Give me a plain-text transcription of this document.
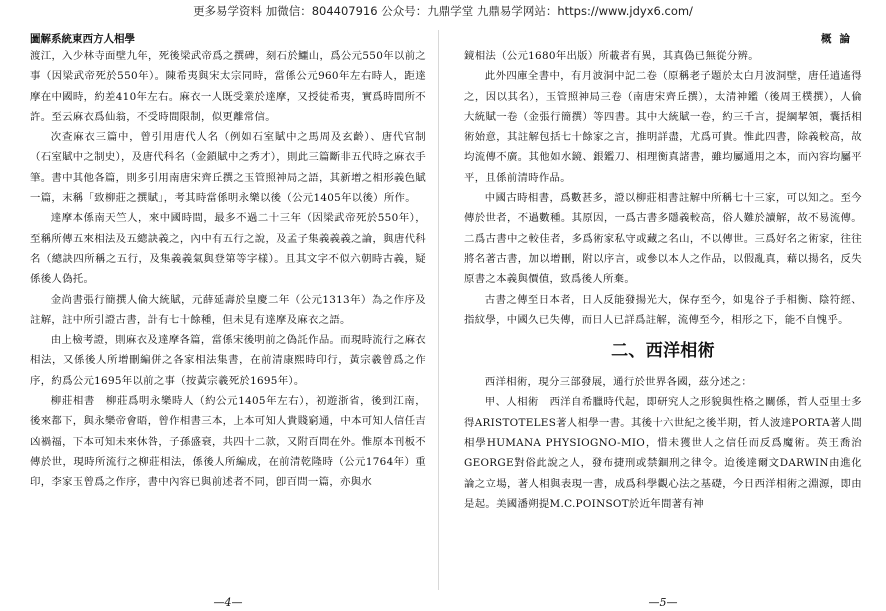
更多易学资料 加微信：804407916 公众号：九鼎学堂 九鼎易学网站：https://www.jdyx6.com/
圖解系統東西方人相學

渡江，入少林寺面壁九年，死後梁武帝爲之撰碑，刻石於鱷山，爲公元550年以前之事（因梁武帝死於550年）。陳希夷與宋太宗同時，當係公元960年左右時人，距達摩在中國時，約差410年左右。麻衣一人既受業於達摩，又授徒希夷，實爲時間所不許。至云麻衣爲仙翁，不受時間限制，似更離常信。

次查麻衣三篇中，曾引用唐代人名（例如石室賦中之馬周及玄齡）、唐代官制（石室賦中之制史），及唐代科名（金鎖賦中之秀才），則此三篇斷非五代時之麻衣手筆。書中其他各篇，則多引用南唐宋齊丘撰之玉管照神局之語，其新增之相形義色賦一篇，末稱「致柳莊之撰賦」，考其時當係明永樂以後（公元1405年以後）所作。

達摩本係南天竺人，來中國時間，最多不過二十三年（因梁武帝死於550年），至稱所傳五來相法及五總訣義之，內中有五行之說，及孟子集義義義之論，與唐代科名（總訣四所稱之五行，及集義義氣與登第等字樣）。且其文字不似六朝時古義，疑係後人偽托。

金尚書張行簡撰人倫大統賦，元薛延壽於皇慶二年（公元1313年）為之作序及註解，註中所引證古書，計有七十餘種，但未見有達摩及麻衣之語。

由上檢考證，則麻衣及達摩各篇，當係宋後明前之偽託作品。而現時流行之麻衣相法，又係後人所增刪編併之各家相法集書，在前清康熙時印行，黃宗羲曾爲之作序，約爲公元1695年以前之事（按黃宗羲死於1695年）。

柳莊相書　柳莊爲明永樂時人（約公元1405年左右），初遊浙省，後到江南，後來都下，與永樂帝會晤，曾作相書三本，上本可知人貴賤窮通，中本可知人信任吉凶禍福，下本可知未來休咎，子孫盛衰，共四十二款，又附百問在外。惟原本刊板不傳於世，現時所流行之柳莊相法，係後人所編成，在前清乾隆時（公元1764年）重印，李家玉曾爲之作序，書中內容已與前述者不同，卽百問一篇，亦與水

—4—
概論

鏡相法（公元1680年出版）所載者有異，其真偽已無從分辨。

此外四庫全書中，有月波洞中記二卷（原稱老子題於太白月波洞壁，唐任逍遙得之，因以其名），玉管照神局三卷（南唐宋齊丘撰），太清神鑑（後周王樸撰），人倫大統賦一卷（金張行簡撰）等四書。其中大統賦一卷，約三千言，提綱挈領，囊括相術始意，其註解包括七十餘家之言，推明詳盡，尤爲可貴。惟此四書，除義較高，故均流傳不廣。其他如水鏡、銀鑑刀、相理衡真諸書，雖均屬通用之本，而內容均屬平平，且係前清時作品。

中國古時相書，爲數甚多，證以柳莊相書註解中所稱七十三家，可以知之。至今傳於世者，不過數種。其原因，一爲古書多隱義較高，俗人難於讀解，故不易流傳。二爲古書中之較佳者，多爲術家私守或藏之名山，不以傳世。三爲好名之術家，往往將名著古書，加以增刪，附以序言，或參以本人之作品，以假亂真，藉以揚名，反失原書之本義與價值，致爲後人所棄。

古書之傳至日本者，日人反能發揚光大，保存至今，如鬼谷子手相衡、陰符經、指紋學，中國久已失傳，而日人已詳爲註解，流傳至今，相形之下，能不自愧乎。

二、西洋相術

西洋相術，現分三部發展，通行於世界各國，茲分述之：

甲、人相術　西洋自希臘時代起，即研究人之形貌與性格之關係，哲人亞里士多得ARISTOTELES著人相學一書。其後十六世紀之後半期，哲人波達PORTA著人間相學HUMANA PHYSIOGNO-MIO，惜未獲世人之信任而反爲魔術。英王喬治GEORGE對俗此說之人，發布捷刑或禁錮刑之律令。迨後達爾文DARWIN由進化論之立場，著人相與表現一書，成爲科學觀心法之基礎，今日西洋相術之淵源，即由是起。美國潘朔提M.C.POINSOT於近年間著有神

—5—
